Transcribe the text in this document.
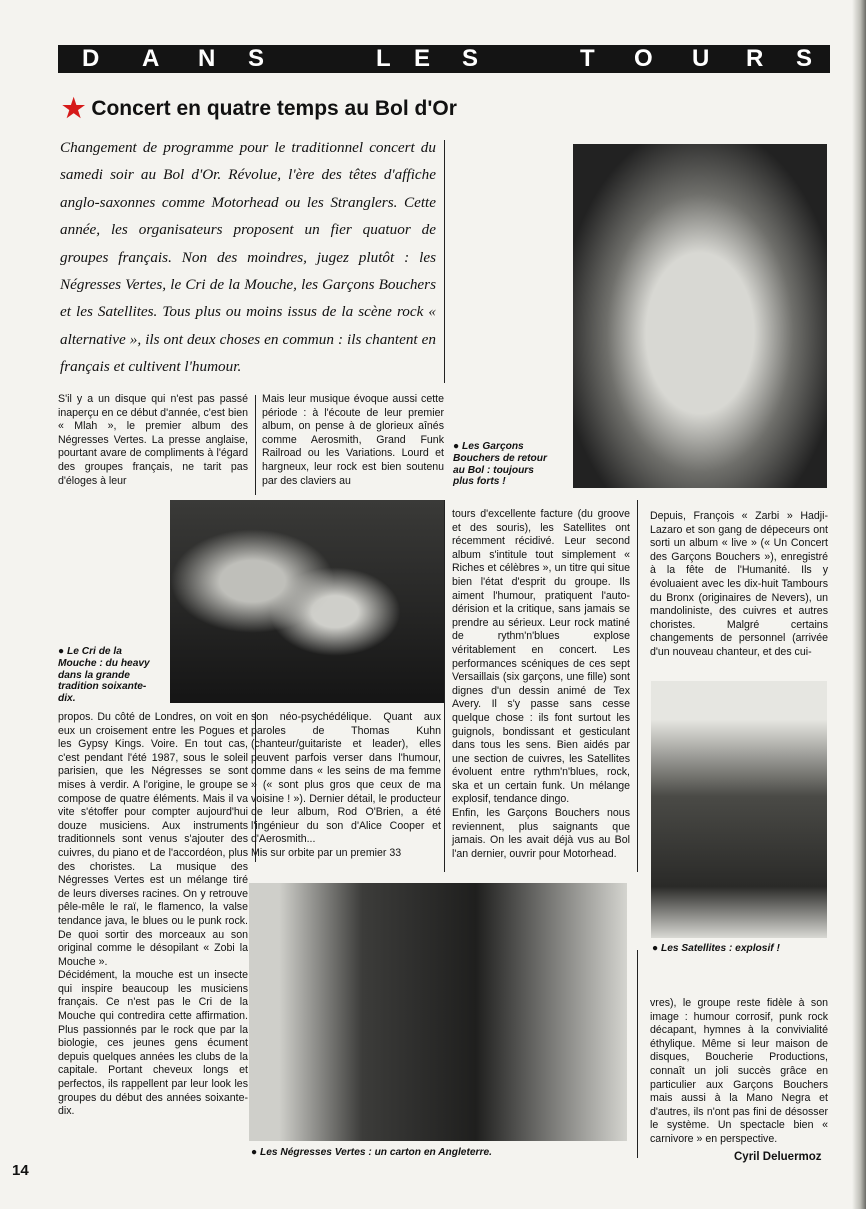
D A N S	L E S	T O U R S
★ Concert en quatre temps au Bol d'Or
Changement de programme pour le traditionnel concert du samedi soir au Bol d'Or. Révolue, l'ère des têtes d'affiche anglo-saxonnes comme Motorhead ou les Stranglers. Cette année, les organisateurs proposent un fier quatuor de groupes français. Non des moindres, jugez plutôt : les Négresses Vertes, le Cri de la Mouche, les Garçons Bouchers et les Satellites. Tous plus ou moins issus de la scène rock « alternative », ils ont deux choses en commun : ils chantent en français et cultivent l'humour.
● Les Garçons Bouchers de retour au Bol : toujours plus forts !

S'il y a un disque qui n'est pas passé inaperçu en ce début d'année, c'est bien « Mlah », le premier album des Négresses Vertes. La presse anglaise, pourtant avare de compliments à l'égard des groupes français, ne tarit pas d'éloges à leur

Mais leur musique évoque aussi cette période : à l'écoute de leur premier album, on pense à de glorieux aînés comme Aerosmith, Grand Funk Railroad ou les Variations. Lourd et hargneux, leur rock est bien soutenu par des claviers au

● Le Cri de la Mouche : du heavy dans la grande tradition soixante-dix.

propos. Du côté de Londres, on voit en eux un croisement entre les Pogues et les Gypsy Kings. Voire. En tout cas, c'est pendant l'été 1987, sous le soleil parisien, que les Négresses se sont mises à verdir. A l'origine, le groupe se compose de quatre éléments. Mais il va vite s'étoffer pour compter aujourd'hui douze musiciens. Aux instruments traditionnels sont venus s'ajouter des cuivres, du piano et de l'accordéon, plus des choristes. La musique des Négresses Vertes est un mélange tiré de leurs diverses racines. On y retrouve pêle-mêle le raï, le flamenco, la valse tendance java, le blues ou le punk rock. De quoi sortir des morceaux au son original comme le désopilant « Zobi la Mouche ».

Décidément, la mouche est un insecte qui inspire beaucoup les musiciens français. Ce n'est pas le Cri de la Mouche qui contredira cette affirmation. Plus passionnés par le rock que par la biologie, ces jeunes gens écument depuis quelques années les clubs de la capitale. Portant cheveux longs et perfectos, ils rappellent par leur look les groupes du début des années soixante-dix.

son néo-psychédélique. Quant aux paroles de Thomas Kuhn (chanteur/guitariste et leader), elles peuvent parfois verser dans l'humour, comme dans « les seins de ma femme » (« sont plus gros que ceux de ma voisine ! »). Dernier détail, le producteur de leur album, Rod O'Brien, a été l'ingénieur du son d'Alice Cooper et d'Aerosmith...

Mis sur orbite par un premier 33

tours d'excellente facture (du groove et des souris), les Satellites ont récemment récidivé. Leur second album s'intitule tout simplement « Riches et célèbres », un titre qui situe bien l'état d'esprit du groupe. Ils aiment l'humour, pratiquent l'auto-dérision et la critique, sans jamais se prendre au sérieux. Leur rock matiné de rythm'n'blues explose véritablement en concert. Les performances scéniques de ces sept Versaillais (six garçons, une fille) sont dignes d'un dessin animé de Tex Avery. Il s'y passe sans cesse quelque chose : ils font surtout les guignols, bondissant et gesticulant dans tous les sens. Bien aidés par une section de cuivres, les Satellites évoluent entre rythm'n'blues, rock, ska et un certain funk. Un mélange explosif, tendance dingo.

Enfin, les Garçons Bouchers nous reviennent, plus saignants que jamais. On les avait déjà vus au Bol l'an dernier, ouvrir pour Motorhead.

Depuis, François « Zarbi » Hadji-Lazaro et son gang de dépeceurs ont sorti un album « live » (« Un Concert des Garçons Bouchers »), enregistré à la fête de l'Humanité. Ils y évoluaient avec les dix-huit Tambours du Bronx (originaires de Nevers), un mandoliniste, des cuivres et autres choristes. Malgré certains changements de personnel (arrivée d'un nouveau chanteur, et des cui-

● Les Satellites : explosif !
● Les Négresses Vertes : un carton en Angleterre.

vres), le groupe reste fidèle à son image : humour corrosif, punk rock décapant, hymnes à la convivialité éthylique. Même si leur maison de disques, Boucherie Productions, connaît un joli succès grâce en particulier aux Garçons Bouchers mais aussi à la Mano Negra et d'autres, ils n'ont pas fini de désosser le système. Un spectacle bien « carnivore » en perspective.

Cyril Deluermoz
14
